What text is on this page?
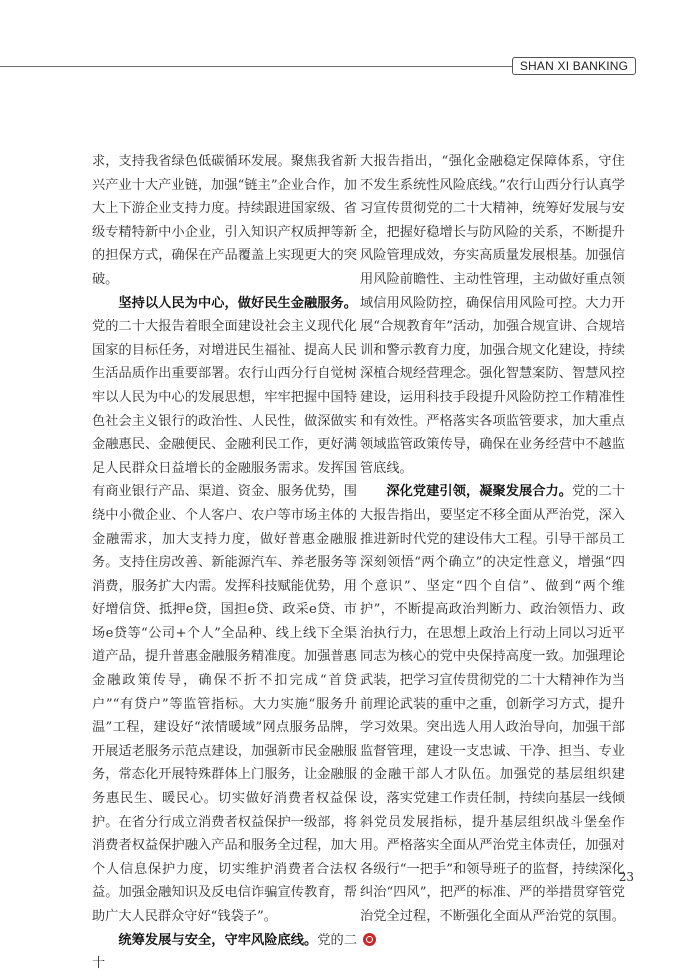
SHAN XI BANKING

求，支持我省绿色低碳循环发展。聚焦我省新兴产业十大产业链，加强“链主”企业合作，加大上下游企业支持力度。持续跟进国家级、省级专精特新中小企业，引入知识产权质押等新的担保方式，确保在产品覆盖上实现更大的突破。

坚持以人民为中心，做好民生金融服务。党的二十大报告着眼全面建设社会主义现代化国家的目标任务，对增进民生福祉、提高人民生活品质作出重要部署。农行山西分行自觉树牢以人民为中心的发展思想，牢牢把握中国特色社会主义银行的政治性、人民性，做深做实金融惠民、金融便民、金融利民工作，更好满足人民群众日益增长的金融服务需求。发挥国有商业银行产品、渠道、资金、服务优势，围绕中小微企业、个人客户、农户等市场主体的金融需求，加大支持力度，做好普惠金融服务。支持住房改善、新能源汽车、养老服务等消费，服务扩大内需。发挥科技赋能优势，用好增信贷、抵押e贷，国担e贷、政采e贷、市场e贷等“公司+个人”全品种、线上线下全渠道产品，提升普惠金融服务精准度。加强普惠金融政策传导，确保不折不扣完成“首贷户”“有贷户”等监管指标。大力实施“服务升温”工程，建设好“浓情暖域”网点服务品牌，开展适老服务示范点建设，加强新市民金融服务，常态化开展特殊群体上门服务，让金融服务惠民生、暖民心。切实做好消费者权益保护。在省分行成立消费者权益保护一级部，将消费者权益保护融入产品和服务全过程，加大个人信息保护力度，切实维护消费者合法权益。加强金融知识及反电信诈骗宣传教育，帮助广大人民群众守好“钱袋子”。

统筹发展与安全，守牢风险底线。党的二十

大报告指出，“强化金融稳定保障体系，守住不发生系统性风险底线。”农行山西分行认真学习宣传贯彻党的二十大精神，统筹好发展与安全，把握好稳增长与防风险的关系，不断提升风险管理成效，夯实高质量发展根基。加强信用风险前瞻性、主动性管理，主动做好重点领域信用风险防控，确保信用风险可控。大力开展“合规教育年”活动，加强合规宣讲、合规培训和警示教育力度，加强合规文化建设，持续深植合规经营理念。强化智慧案防、智慧风控建设，运用科技手段提升风险防控工作精准性和有效性。严格落实各项监管要求，加大重点领域监管政策传导，确保在业务经营中不越监管底线。

深化党建引领，凝聚发展合力。党的二十大报告指出，要坚定不移全面从严治党，深入推进新时代党的建设伟大工程。引导干部员工深刻领悟“两个确立”的决定性意义，增强“四个意识”、坚定“四个自信”、做到“两个维护”，不断提高政治判断力、政治领悟力、政治执行力，在思想上政治上行动上同以习近平同志为核心的党中央保持高度一致。加强理论武装，把学习宣传贯彻党的二十大精神作为当前理论武装的重中之重，创新学习方式，提升学习效果。突出选人用人政治导向，加强干部监督管理，建设一支忠诚、干净、担当、专业的金融干部人才队伍。加强党的基层组织建设，落实党建工作责任制，持续向基层一线倾斜党员发展指标，提升基层组织战斗堡垒作用。严格落实全面从严治党主体责任，加强对各级行“一把手”和领导班子的监督，持续深化纠治“四风”，把严的标准、严的举措贯穿管党治党全过程，不断强化全面从严治党的氛围。

23
